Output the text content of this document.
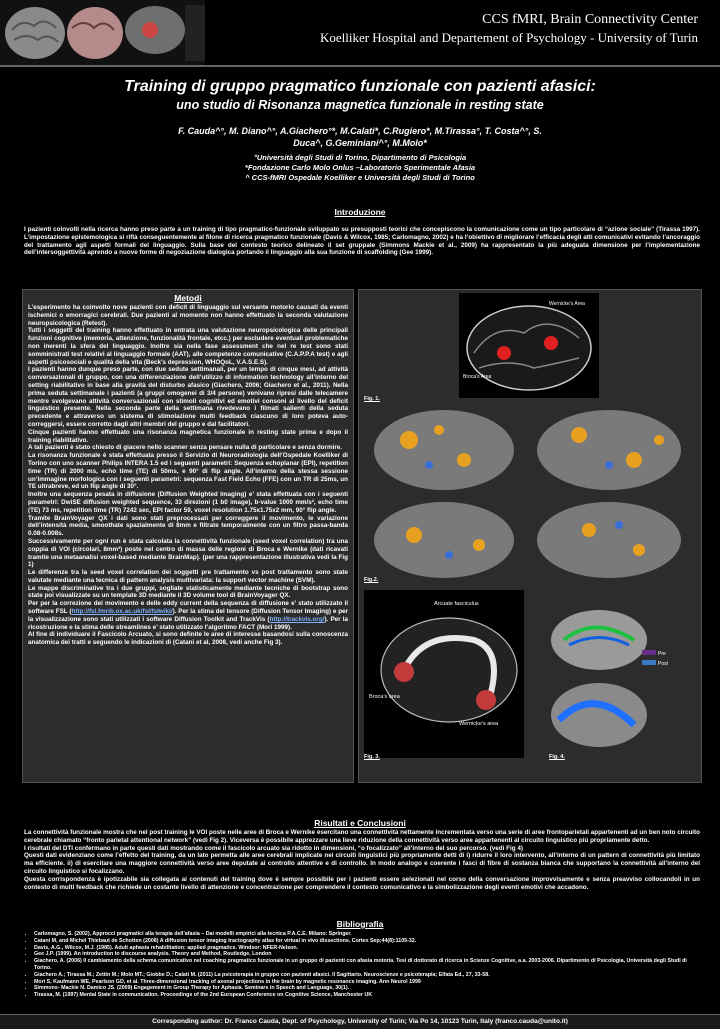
CCS fMRI, Brain Connectivity Center
Koelliker Hospital and Departement of Psychology - University of Turin
Training di gruppo pragmatico funzionale con pazienti afasici:
uno studio di Risonanza magnetica funzionale in resting state
F. Cauda^°, M. Diano^°, A.Giachero°*, M.Calati*, C.Rugiero*, M.Tirassa°, T. Costa^°, S.
Duca^, G.Geminiani^°, M.Molo*
°Università degli Studi di Torino, Dipartimento di Psicologia
*Fondazione Carlo Molo Onlus –Laboratorio Sperimentale Afasia
^ CCS-fMRI Ospedale Koelliker e Università degli Studi di Torino
Introduzione
I pazienti coinvolti nella ricerca hanno preso parte a un training di tipo pragmatico-funzionale sviluppato su presupposti teorici che concepiscono la comunicazione come un tipo particolare di “azione sociale” (Tirassa 1997). L’impostazione epistemologica si riflà conseguentemente al filone di ricerca pragmatico funzionale (Davis & Wilcox, 1985; Carlomagno, 2002) e ha l’obiettivo di migliorare l’efficacia degli atti comunicativi evitando l’ancoraggio del trattamento agli aspetti formali del linguaggio. Sulla base del contesto teorico delineato il set gruppale (Simmons Mackie et al., 2009) ha rappresentato la più adeguata dimensione per l’implementazione dell’intersoggettività aprendo a nuove forme di negoziazione dialogica portando il linguaggio alla sua funzione di scaffolding (Gee 1999).
Metodi
L’esperimento ha coinvolto nove pazienti con deficit di linguaggio sul versante motorio causati da eventi ischemici o emorragici cerebrali. Due pazienti al momento non hanno effettuato la seconda valutazione neuropsicologica (Retest).
Tutti i soggetti del training hanno effettuato in entrata una valutazione neuropsicologica delle principali funzioni cognitive (memoria, attenzione, funzionalità frontale, etcc.) per escludere eventuali problematiche non inerenti la sfera del linguaggio. Inoltre sia nella fase assessment che nel re test sono stati somministrati test relativi al linguaggio formale (AAT), alle competenze comunicative (C.A.P.P.A test) e agli aspetti psicosociali e qualità della vita (Beck’s depression, WHOQoL, V.A.S.E.S).
I pazienti hanno dunque preso parte, con due sedute settimanali, per un tempo di cinque mesi, ad attività conversazionali di gruppo, con una differenziazione dell’utilizzo di information technology all’interno del setting riabilitativo in base alla gravità del disturbo afasico (Giachero, 2006; Giachero et al., 2011). Nella prima seduta settimanale i pazienti (a gruppi omogenei di 3/4 persone) venivano ripresi dalle telecamere mentre svolgevano attività conversazionali con stimoli cognitivi ed emotivi consoni al livello del deficit linguistico presente. Nella seconda parte della settimana rivedevano i filmati salienti della seduta precedente e attraverso un sistema di stimolazione multi feedback ciascuno di loro poteva auto-correggersi, essere corretto dagli altri membri del gruppo e dal facilitatori.
Cinque pazienti hanno effettuato una risonanza magnetica funzionale in resting state prima e dopo il training riabilitativo.
A tali pazienti è stato chiesto di giacere nello scanner senza pensare nulla di particolare e senza dormire.
La risonanza funzionale è stata effettuata presso il Servizio di Neuroradiologia dell’Ospedale Koelliker di Torino con uno scanner Philips INTERA 1.5 ed i seguenti parametri: Sequenza echoplanar (EPI), repetition time (TR) di 2000 ms, echo time (TE) di 50ms, e 90° di flip angle. All’interno della stessa sessione un’immagine morfologica con i seguenti parametri: sequenza Fast Field Echo (FFE) con un TR di 25ms, un TE ultrabreve, ed un flip angle di 30°.
Inoltre una sequenza pesata in diffusione (Diffusion Weighted Imaging) e’ stata effettuata con i seguenti parametri: DwiSE diffusion weighted sequence, 33 direzioni (1 b0 image), b-value 1000 mm/s², echo time (TE) 73 ms, repetition time (TR) 7242 sec, EPI factor 59, voxel resolution 1.75x1.75x2 mm, 90° flip angle.
Tramite BrainVoyager QX i dati sono stati preprocessati per correggere il movimento, le variazione dell’intensità media, smoothate spazialmente di 8mm e filtrate temporalmente con un filtro passa-banda 0.08-0.008s.
Successivamente per ogni run è stata calcolata la connettività funzionale (seed voxel correlation) tra una coppia di VOI (circolari, 8mm³) poste nel centro di massa delle regioni di Broca e Wernike (dati ricavati tramite una metaanalisi voxel-based mediante BrainMap). (per una rappresentazione illustrativa vedi la Fig 1)
Le differenze tra la seed voxel correlation dei soggetti pre trattamento vs post trattamento sono state valutate mediante una tecnica di pattern analysis multivariata: la support vector machine (SVM).
Le mappe discriminative tra i due gruppi, sogliate statisticamente mediante tecniche di bootstrap sono state poi visualizzate su un template 3D mediante il 3D volume tool di BrainVoyager QX.
Per per la correzione del movimento e delle eddy current della sequenza di diffusione e’ stato utilizzato il software FSL (http://fsl.fmrib.ox.ac.uk/fsl/fslwiki/). Per la stima del tensore (Diffusion Tensor Imaging) e per la visualizzazione sono stati utilizzati i software Diffusion Toolkit and TrackVis (http://trackvis.org/). Per la ricostruzione e la stima delle streamlines e’ stato utilizzato l’algoritmo FACT (Mori 1999).
Al fine di individuare il Fascicolo Arcuato, si sono definite le aree di interesse basandosi sulla conoscenza anatomica dei tratti e seguendo le indicazioni di (Catani et al, 2008, vedi anche Fig 3).
Wernicke’s Area
Broca’s Area
Fig. 1.
Fig.2.
Arcuate fasciculus
Broca’s area
Wernicke’s area
Fig. 3.
Pre
Post
Fig. 4.
Risultati e Conclusioni
La connettività funzionale mostra che nel post training le VOI poste nelle aree di Broca e Wernike esercitano una connettività nettamente incrementata verso una serie di aree frontoparietali appartenenti ad un ben noto circuito cerebrale chiamato “fronto parietal attentional network” (vedi Fig 2). Viceversa è possibile apprezzare una lieve riduzione della connettività verso aree appartenenti al circuito linguistico più propriamente detto.
I risultati del DTI confermano in parte questi dati mostrando come il fascicolo arcuato sia ridotto in dimensioni, “o focalizzato” all’interno del suo percorso. (vedi Fig 4)
Questi dati evidenziano come l’effetto del training, da un lato permetta alle aree cerebrali implicate nei circuiti linguistici più propriamente detti di i) ridurre il loro intervento, all’interno di un pattern di connettività più limitato ma efficiente. ii) di esercitare una maggiore connettività verso aree deputate ai controllo attentive e di controllo. In modo analogo e coerente i fasci di fibre di sostanza bianca che supportano la connettività all’interno del circuito linguistico si focalizzano.
Questa corrispondenza è ipotizzabile sia collegata ai contenuti del training dove è sempre possibile per i pazienti essere selezionati nel corso della conversazione improvvisamente e senza preavviso collocandoli in un contesto di multi feedback che richiede un costante livello di attenzione e concentrazione per comprendere il contesto comunicativo e la simbolizzazione degli eventi emotivi che accadono.
Bibliografia
• Carlomagno, S. (2002), Approcci pragmatici alla terapia dell’afasia – Dai modelli empirici alla tecnica P.A.C.E. Milano: Springer.
• Catani M, and Michel Thiebaut de Schotten (2008) A diffusion tensor imaging tractography atlas for virtual in vivo dissections. Cortex Sep;44(8):1105-32.
• Davis, A.G., Wilcox, M.J. (1985). Adult aphasia rehabilitation: applied pragmatics. Windsor: NFER-Nelson.
• Gee J.P. (1999). An introduction to discourse analysis. Theory and Method, Routledge, London
• Giachero, A. (2006) Il cambiamento della schema comunicativo nel coaching pragmatico funzionale in un gruppo di pazienti con afasia motoria. Tesi di dottorato di ricerca in Scienze Cognitive, a.a. 2003-2006. Dipartimento di Psicologia, Università degli Studi di Torino.
• Giachero A.; Tirassa M.; Zettin M.; Molo MT.; Giobbe D.; Calati M. (2011) La psicoterapia in gruppo con pazienti afasici. Il Sagittario. Neuroscienze e psicoterapia; Elfata Ed., 27, 33-58.
• Mori S, Kaufmann WE, Pearlson GD, et al. Three-dimensional tracking of axonal projections in the brain by magnetic resonance imaging. Ann Neurol 1999
• Simmons- Mackie N. Damico JS. (2009) Engagement in Group Therapy for Aphasia. Seminars in Speech and Language, 30(1).
• Tirassa, M. (1997) Mental State in communication. Proceedings of the 2nd European Conference on Cognitive Science, Manchester UK
Corresponding author: Dr. Franco Cauda, Dept. of Psychology, University of Turin; Via Po 14, 10123 Turin, Italy (franco.cauda@unito.it)
